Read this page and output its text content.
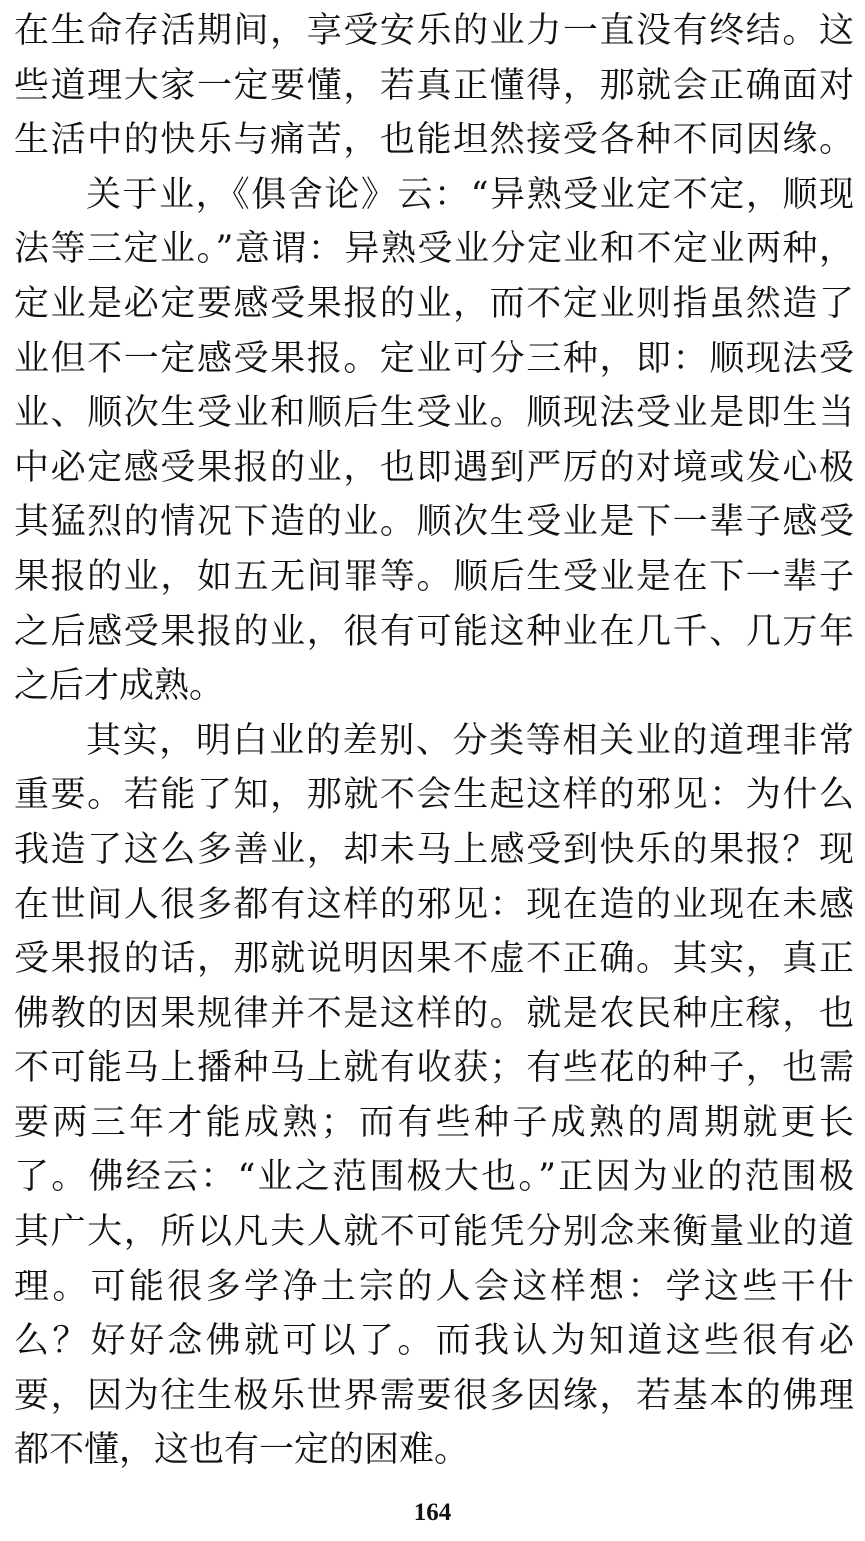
在生命存活期间，享受安乐的业力一直没有终结。这
些道理大家一定要懂，若真正懂得，那就会正确面对
生活中的快乐与痛苦，也能坦然接受各种不同因缘。
关于业，《俱舍论》云：“异熟受业定不定，顺现
法等三定业。”意谓：异熟受业分定业和不定业两种，
定业是必定要感受果报的业，而不定业则指虽然造了
业但不一定感受果报。定业可分三种，即：顺现法受
业、顺次生受业和顺后生受业。顺现法受业是即生当
中必定感受果报的业，也即遇到严厉的对境或发心极
其猛烈的情况下造的业。顺次生受业是下一辈子感受
果报的业，如五无间罪等。顺后生受业是在下一辈子
之后感受果报的业，很有可能这种业在几千、几万年
之后才成熟。
其实，明白业的差别、分类等相关业的道理非常
重要。若能了知，那就不会生起这样的邪见：为什么
我造了这么多善业，却未马上感受到快乐的果报？现
在世间人很多都有这样的邪见：现在造的业现在未感
受果报的话，那就说明因果不虚不正确。其实，真正
佛教的因果规律并不是这样的。就是农民种庄稼，也
不可能马上播种马上就有收获；有些花的种子，也需
要两三年才能成熟；而有些种子成熟的周期就更长
了。佛经云：“业之范围极大也。”正因为业的范围极
其广大，所以凡夫人就不可能凭分别念来衡量业的道
理。可能很多学净土宗的人会这样想：学这些干什
么？好好念佛就可以了。而我认为知道这些很有必
要，因为往生极乐世界需要很多因缘，若基本的佛理
都不懂，这也有一定的困难。
164
